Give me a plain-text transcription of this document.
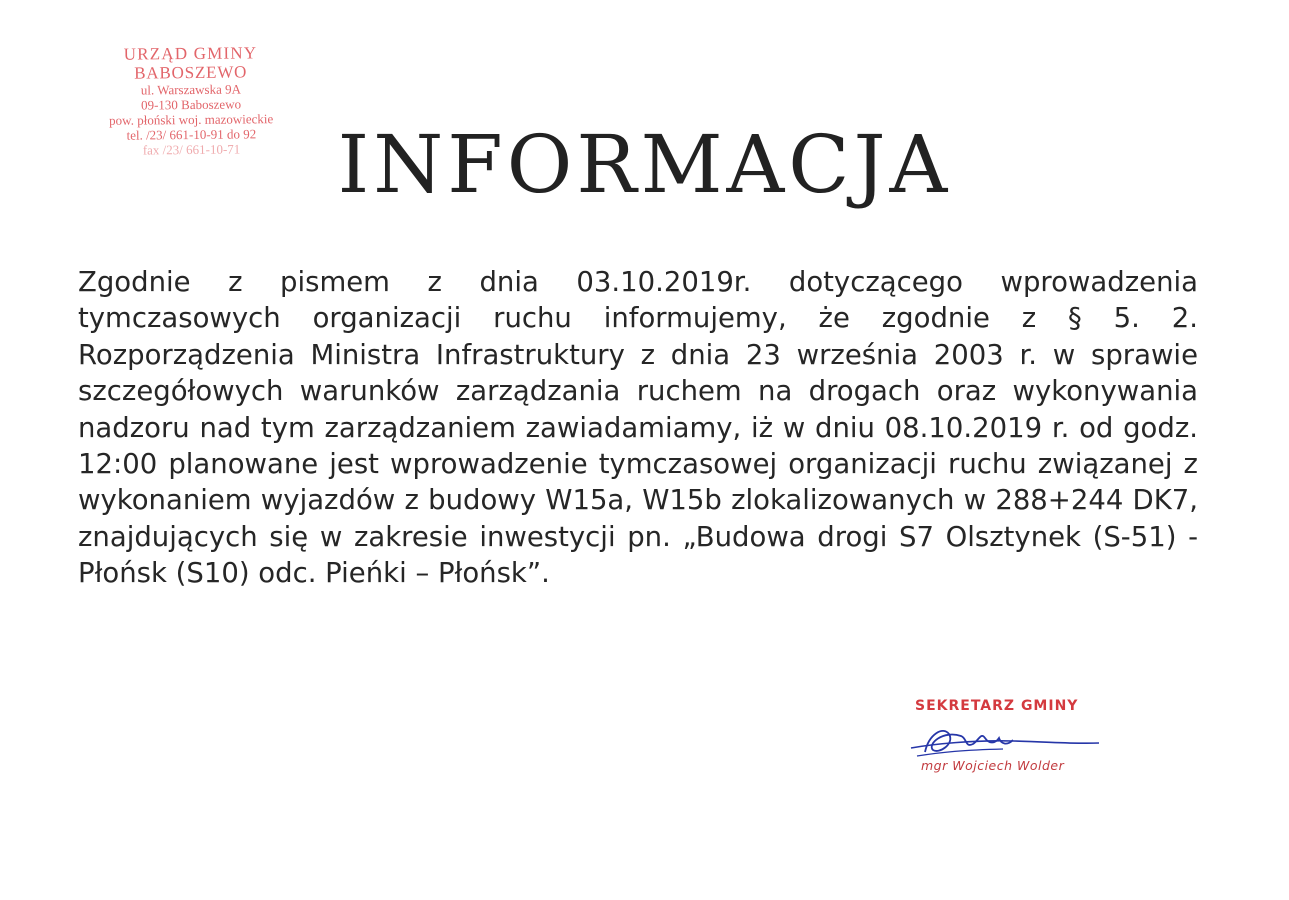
URZĄD GMINY
BABOSZEWO
ul. Warszawska 9A
09-130 Baboszewo
pow. płoński woj. mazowieckie
tel. /23/ 661-10-91 do 92
fax /23/ 661-10-71	INFORMACJA

Zgodnie z pismem z dnia 03.10.2019r. dotyczącego wprowadzenia tymczasowych organizacji ruchu informujemy, że zgodnie z § 5. 2. Rozporządzenia Ministra Infrastruktury z dnia 23 września 2003 r. w sprawie szczegółowych warunków zarządzania ruchem na drogach oraz wykonywania nadzoru nad tym zarządzaniem zawiadamiamy, iż w dniu 08.10.2019 r. od godz. 12:00 planowane jest wprowadzenie tymczasowej organizacji ruchu związanej z wykonaniem wyjazdów z budowy W15a, W15b zlokalizowanych w 288+244 DK7, znajdujących się w zakresie inwestycji pn. „Budowa drogi S7 Olsztynek (S-51) - Płońsk (S10) odc. Pieńki – Płońsk”.

SEKRETARZ GMINY

mgr Wojciech Wolder
